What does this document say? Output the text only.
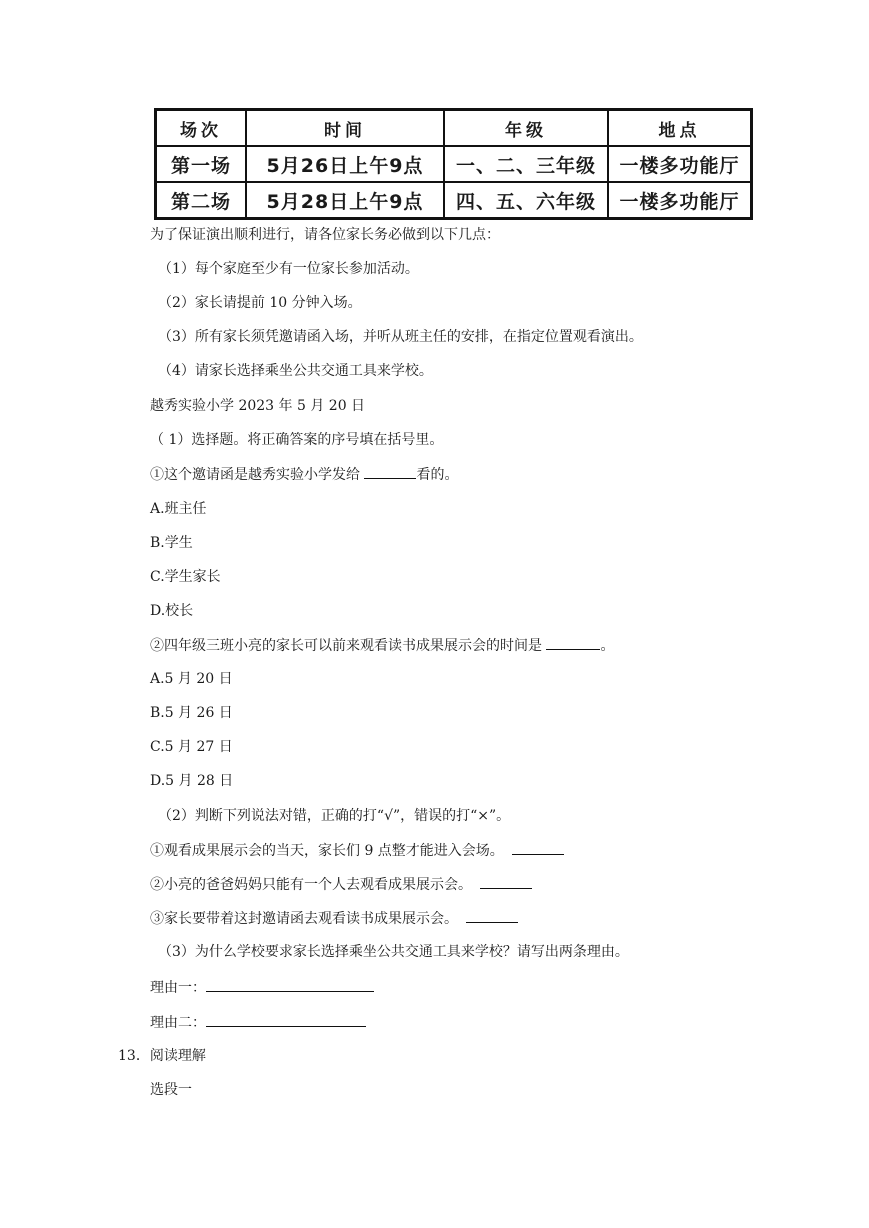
场次	时间	年级	地点
第一场	5月26日上午9点	一、二、三年级	一楼多功能厅
第二场	5月28日上午9点	四、五、六年级	一楼多功能厅
为了保证演出顺利进行，请各位家长务必做到以下几点：
（1）每个家庭至少有一位家长参加活动。
（2）家长请提前 10 分钟入场。
（3）所有家长须凭邀请函入场，并听从班主任的安排，在指定位置观看演出。
（4）请家长选择乘坐公共交通工具来学校。
越秀实验小学 2023 年 5 月 20 日
（ 1）选择题。将正确答案的序号填在括号里。
①这个邀请函是越秀实验小学发给	看的。
A.班主任
B.学生
C.学生家长
D.校长
②四年级三班小亮的家长可以前来观看读书成果展示会的时间是	。
A.5 月 20 日
B.5 月 26 日
C.5 月 27 日
D.5 月 28 日
（2）判断下列说法对错，正确的打“√”，错误的打“×”。
①观看成果展示会的当天，家长们 9 点整才能进入会场。
②小亮的爸爸妈妈只能有一个人去观看成果展示会。
③家长要带着这封邀请函去观看读书成果展示会。
（3）为什么学校要求家长选择乘坐公共交通工具来学校？请写出两条理由。
理由一：
理由二：
13．阅读理解
选段一
